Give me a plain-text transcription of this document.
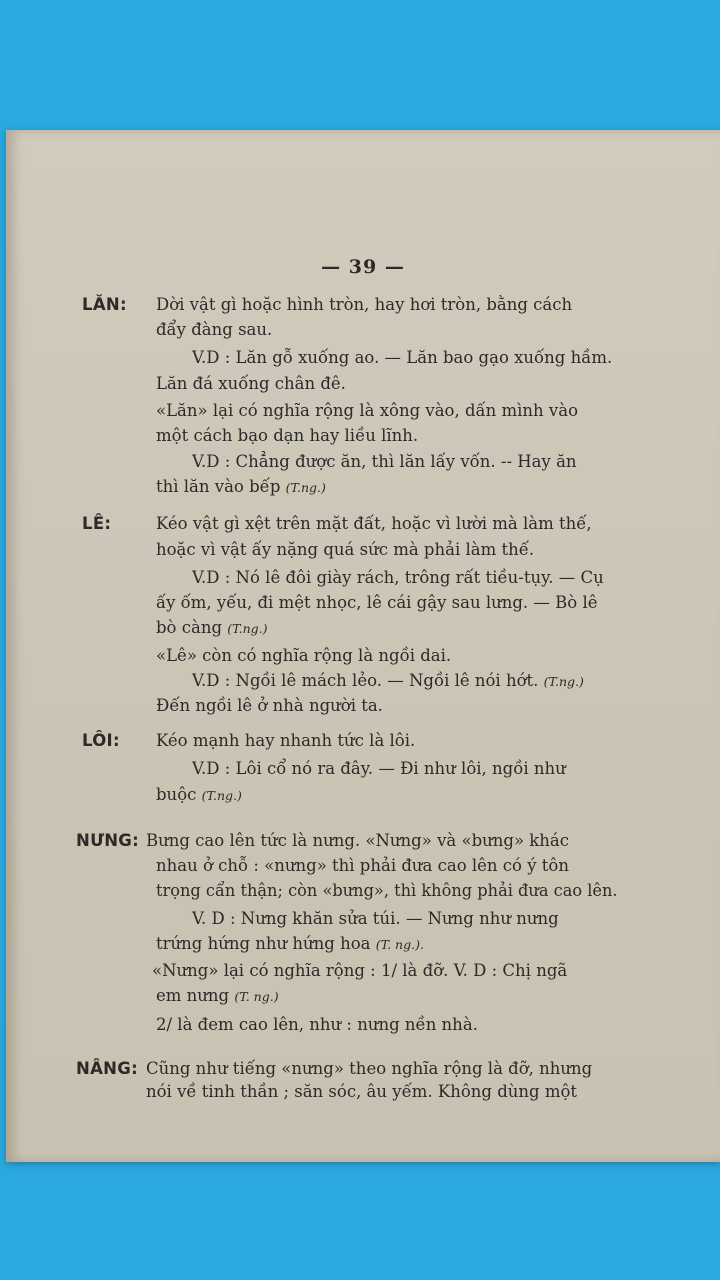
— 39 —
LĂN: Dời vật gì hoặc hình tròn, hay hơi tròn, bằng cách
đẩy đàng sau.
V.D : Lăn gỗ xuống ao. — Lăn bao gạo xuống hầm.
Lăn đá xuống chân đê.
«Lăn» lại có nghĩa rộng là xông vào, dấn mình vào
một cách bạo dạn hay liều lĩnh.
V.D : Chẳng được ăn, thì lăn lấy vốn. -- Hay ăn
thì lăn vào bếp (T.ng.)
LÊ:	Kéo vật gì xệt trên mặt đất, hoặc vì lười mà làm thế,
hoặc vì vật ấy nặng quá sức mà phải làm thế.
V.D : Nó lê đôi giày rách, trông rất tiều-tụy. — Cụ
ấy ốm, yếu, đi mệt nhọc, lê cái gậy sau lưng. — Bò lê
bò càng (T.ng.)
«Lê» còn có nghĩa rộng là ngồi dai.
V.D : Ngồi lê mách lẻo. — Ngồi lê nói hớt. (T.ng.)
Đến ngồi lê ở nhà người ta.
LÔI: Kéo mạnh hay nhanh tức là lôi.
V.D : Lôi cổ nó ra đây. — Đi như lôi, ngồi như
buộc (T.ng.)
NƯNG: Bưng cao lên tức là nưng. «Nưng» và «bưng» khác
nhau ở chỗ : «nưng» thì phải đưa cao lên có ý tôn
trọng cẩn thận; còn «bưng», thì không phải đưa cao lên.
V. D : Nưng khăn sửa túi. — Nưng như nưng
trứng hứng như hứng hoa (T. ng.).
«Nưng» lại có nghĩa rộng : 1/ là đỡ. V. D : Chị ngã
em nưng (T. ng.)
2/ là đem cao lên, như : nưng nền nhà.
NÂNG: Cũng như tiếng «nưng» theo nghĩa rộng là đỡ, nhưng
nói về tinh thần ; săn sóc, âu yếm. Không dùng một
